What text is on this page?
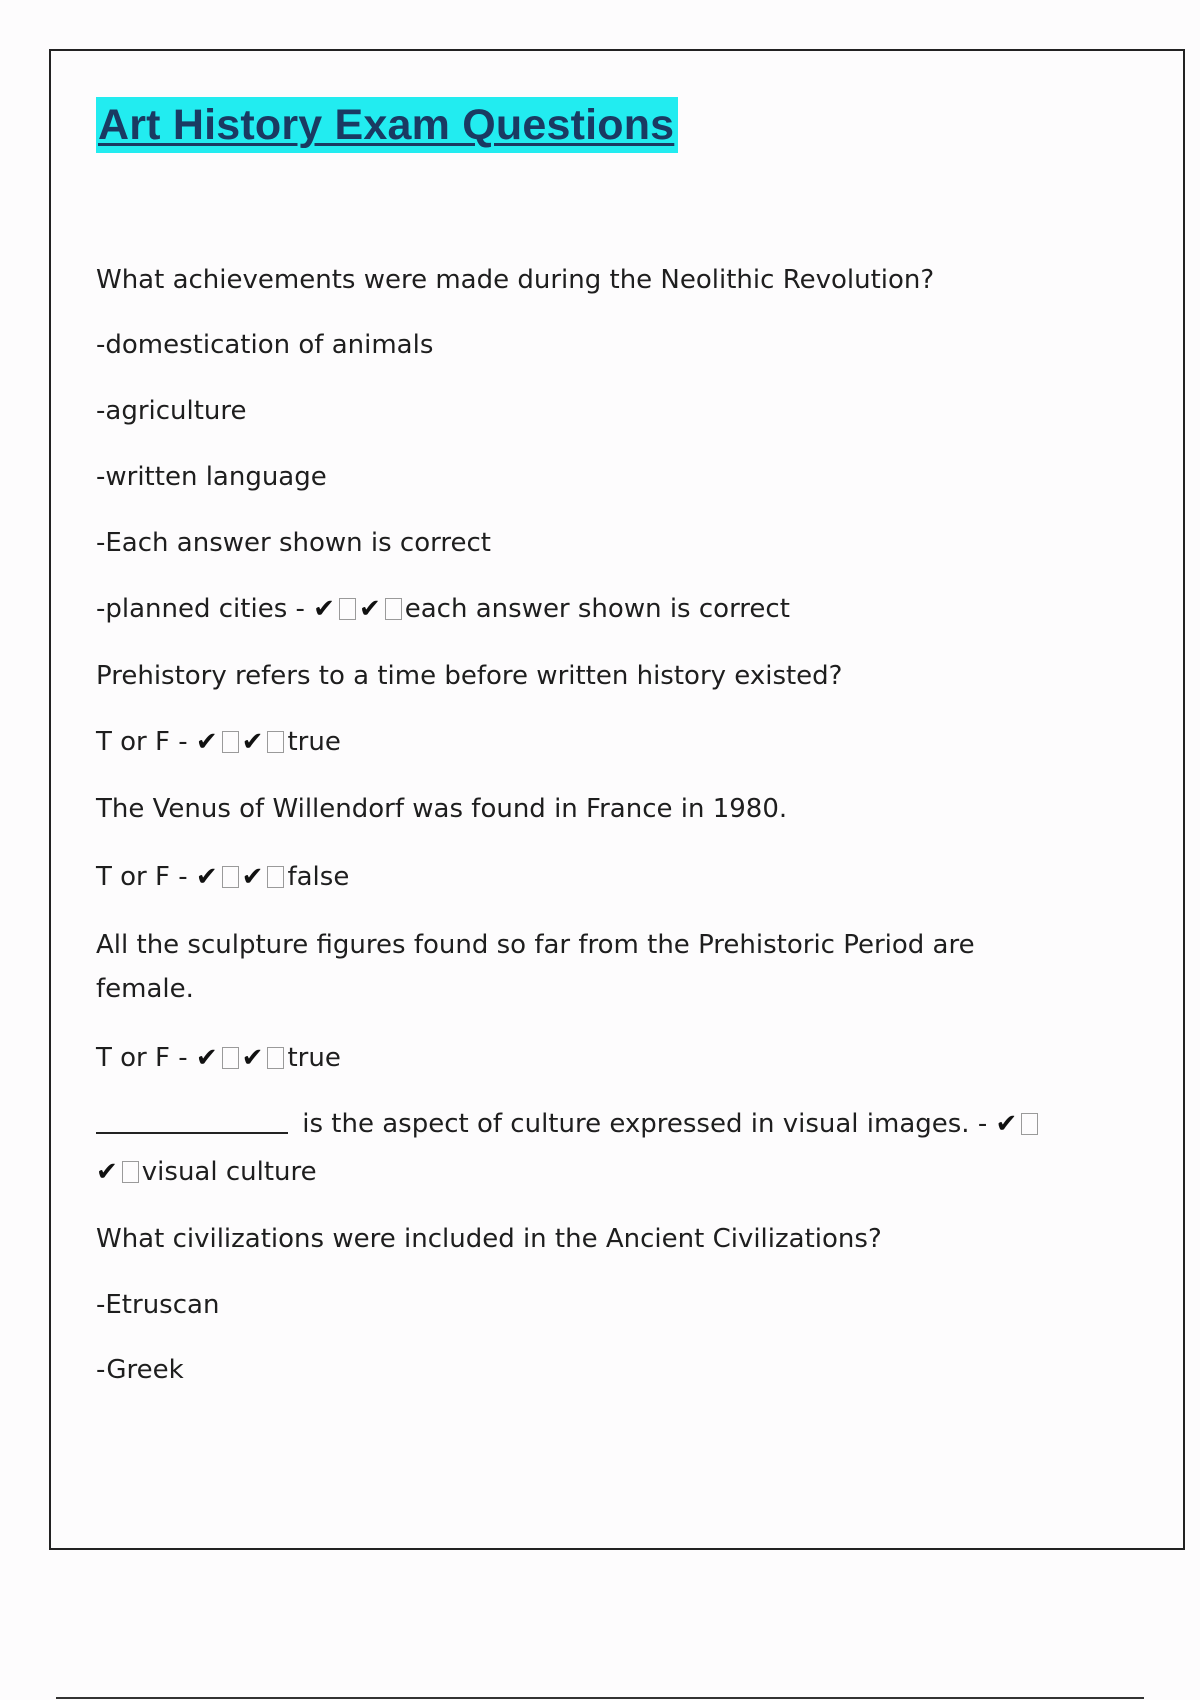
Art History Exam Questions
What achievements were made during the Neolithic Revolution?
-domestication of animals
-agriculture
-written language
-Each answer shown is correct
-planned cities - ✔ ✔ each answer shown is correct
Prehistory refers to a time before written history existed?
T or F - ✔ ✔ true
The Venus of Willendorf was found in France in 1980.
T or F - ✔ ✔ false
All the sculpture figures found so far from the Prehistoric Period are
female.
T or F - ✔ ✔ true
is the aspect of culture expressed in visual images. - ✔
✔ visual culture
What civilizations were included in the Ancient Civilizations?
-Etruscan
-Greek
